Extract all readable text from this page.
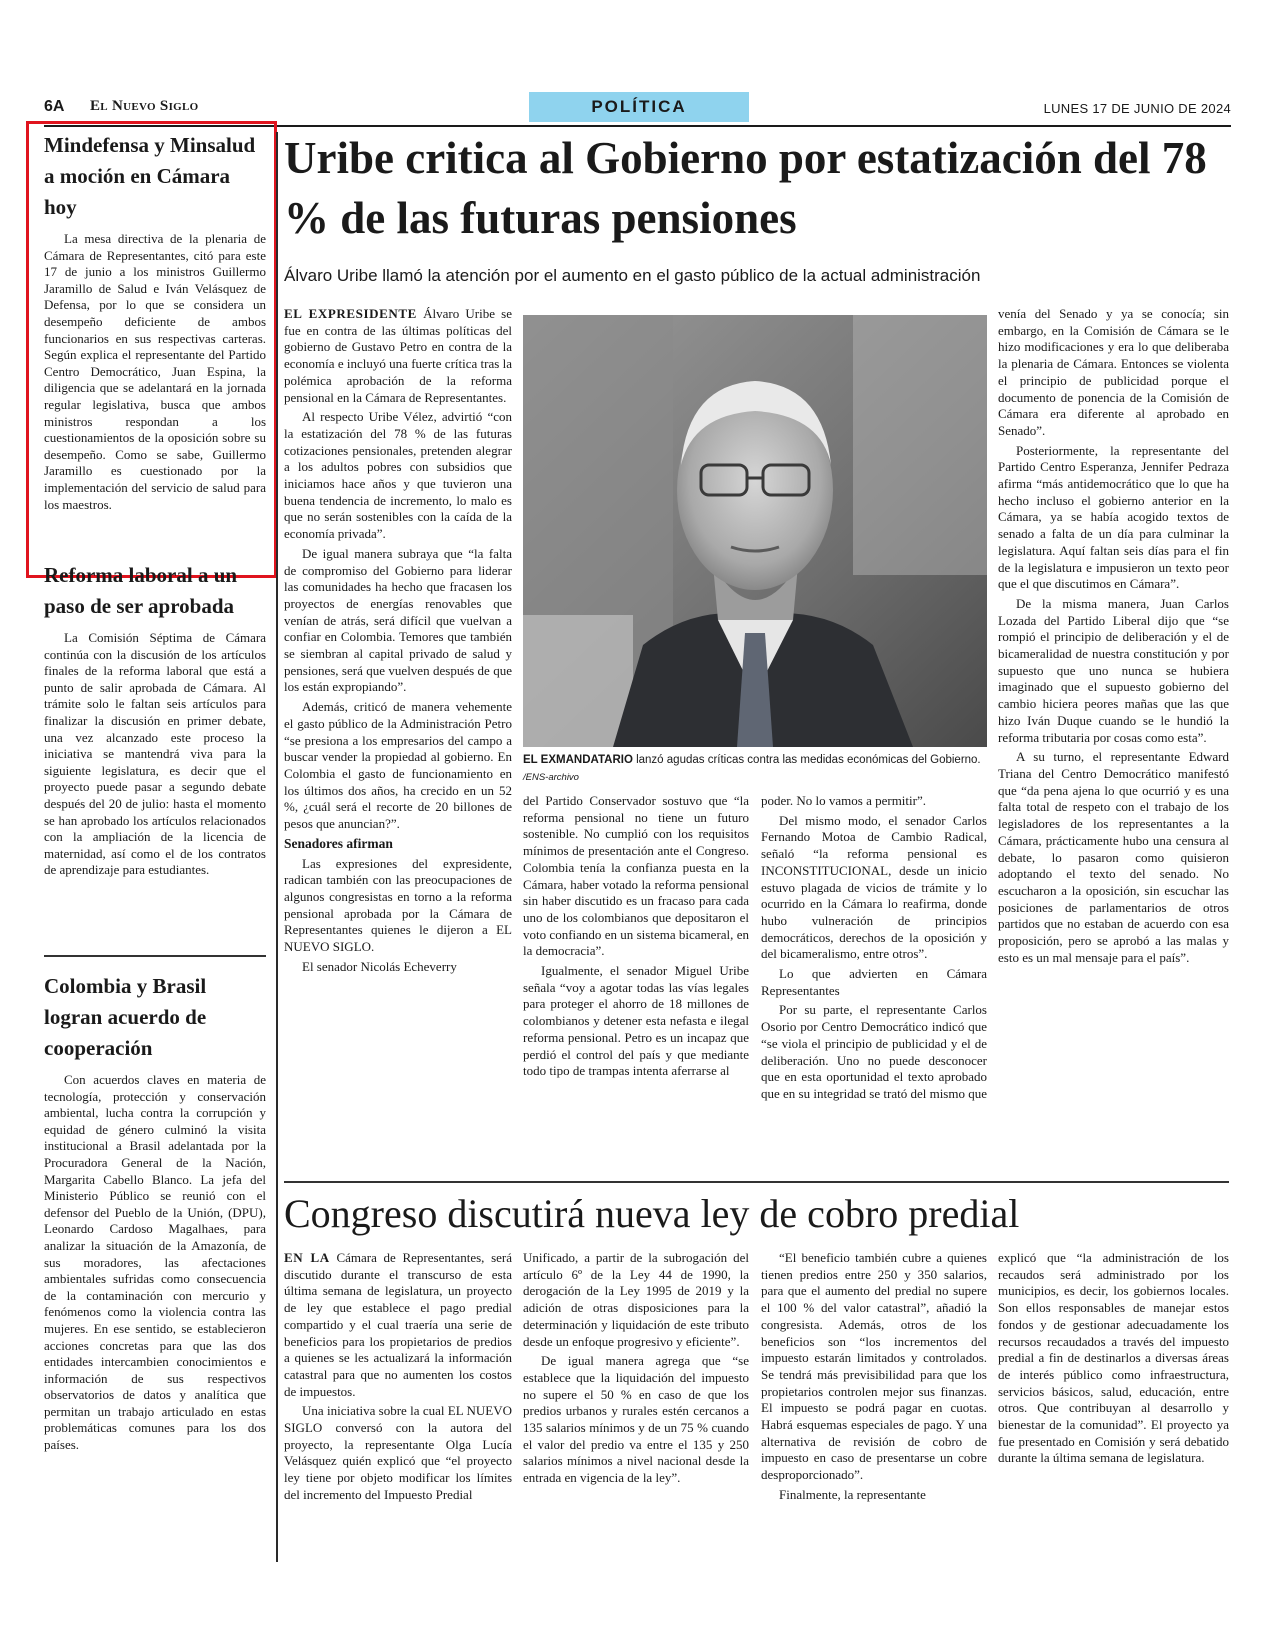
6A El Nuevo Siglo	POLÍTICA	LUNES 17 DE JUNIO DE 2024
Mindefensa y Minsalud a moción en Cámara hoy

La mesa directiva de la plenaria de Cámara de Representantes, citó para este 17 de junio a los ministros Guillermo Jaramillo de Salud e Iván Velásquez de Defensa, por lo que se considera un desempeño deficiente de ambos funcionarios en sus respectivas carteras. Según explica el representante del Partido Centro Democrático, Juan Espina, la diligencia que se adelantará en la jornada regular legislativa, busca que ambos ministros respondan a los cuestionamientos de la oposición sobre su desempeño. Como se sabe, Guillermo Jaramillo es cuestionado por la implementación del servicio de salud para los maestros.

Reforma laboral a un paso de ser aprobada

La Comisión Séptima de Cámara continúa con la discusión de los artículos finales de la reforma laboral que está a punto de salir aprobada de Cámara. Al trámite solo le faltan seis artículos para finalizar la discusión en primer debate, una vez alcanzado este proceso la iniciativa se mantendrá viva para la siguiente legislatura, es decir que el proyecto puede pasar a segundo debate después del 20 de julio: hasta el momento se han aprobado los artículos relacionados con la ampliación de la licencia de maternidad, así como el de los contratos de aprendizaje para estudiantes.

Colombia y Brasil logran acuerdo de cooperación

Con acuerdos claves en materia de tecnología, protección y conservación ambiental, lucha contra la corrupción y equidad de género culminó la visita institucional a Brasil adelantada por la Procuradora General de la Nación, Margarita Cabello Blanco. La jefa del Ministerio Público se reunió con el defensor del Pueblo de la Unión, (DPU), Leonardo Cardoso Magalhaes, para analizar la situación de la Amazonía, de sus moradores, las afectaciones ambientales sufridas como consecuencia de la contaminación con mercurio y fenómenos como la violencia contra las mujeres. En ese sentido, se establecieron acciones concretas para que las dos entidades intercambien conocimientos e información de sus respectivos observatorios de datos y analítica que permitan un trabajo articulado en estas problemáticas comunes para los dos países.

Uribe critica al Gobierno por estatización del 78 % de las futuras pensiones
Álvaro Uribe llamó la atención por el aumento en el gasto público de la actual administración

EL EXPRESIDENTE Álvaro Uribe se fue en contra de las últimas políticas del gobierno de Gustavo Petro en contra de la economía e incluyó una fuerte crítica tras la polémica aprobación de la reforma pensional en la Cámara de Representantes.

Al respecto Uribe Vélez, advirtió “con la estatización del 78 % de las futuras cotizaciones pensionales, pretenden alegrar a los adultos pobres con subsidios que iniciamos hace años y que tuvieron una buena tendencia de incremento, lo malo es que no serán sostenibles con la caída de la economía privada”.

De igual manera subraya que “la falta de compromiso del Gobierno para liderar las comunidades ha hecho que fracasen los proyectos de energías renovables que venían de atrás, será difícil que vuelvan a confiar en Colombia. Temores que también se siembran al capital privado de salud y pensiones, será que vuelven después de que los están expropiando”.

Además, criticó de manera vehemente el gasto público de la Administración Petro “se presiona a los empresarios del campo a buscar vender la propiedad al gobierno. En Colombia el gasto de funcionamiento en los últimos dos años, ha crecido en un 52 %, ¿cuál será el recorte de 20 billones de pesos que anuncian?”.

Senadores afirman

Las expresiones del expresidente, radican también con las preocupaciones de algunos congresistas en torno a la reforma pensional aprobada por la Cámara de Representantes quienes le dijeron a EL NUEVO SIGLO.

El senador Nicolás Echeverry

EL EXMANDATARIO lanzó agudas críticas contra las medidas económicas del Gobierno. /ENS-archivo

del Partido Conservador sostuvo que “la reforma pensional no tiene un futuro sostenible. No cumplió con los requisitos mínimos de presentación ante el Congreso. Colombia tenía la confianza puesta en la Cámara, haber votado la reforma pensional sin haber discutido es un fracaso para cada uno de los colombianos que depositaron el voto confiando en un sistema bicameral, en la democracia”.

Igualmente, el senador Miguel Uribe señala “voy a agotar todas las vías legales para proteger el ahorro de 18 millones de colombianos y detener esta nefasta e ilegal reforma pensional. Petro es un incapaz que perdió el control del país y que mediante todo tipo de trampas intenta aferrarse al

poder. No lo vamos a permitir”.

Del mismo modo, el senador Carlos Fernando Motoa de Cambio Radical, señaló “la reforma pensional es INCONSTITUCIONAL, desde un inicio estuvo plagada de vicios de trámite y lo ocurrido en la Cámara lo reafirma, donde hubo vulneración de principios democráticos, derechos de la oposición y del bicameralismo, entre otros”.

Lo que advierten en Cámara Representantes

Por su parte, el representante Carlos Osorio por Centro Democrático indicó que “se viola el principio de publicidad y el de deliberación. Uno no puede desconocer que en esta oportunidad el texto aprobado que en su integridad se trató del mismo que

venía del Senado y ya se conocía; sin embargo, en la Comisión de Cámara se le hizo modificaciones y era lo que deliberaba la plenaria de Cámara. Entonces se violenta el principio de publicidad porque el documento de ponencia de la Comisión de Cámara era diferente al aprobado en Senado”.

Posteriormente, la representante del Partido Centro Esperanza, Jennifer Pedraza afirma “más antidemocrático que lo que ha hecho incluso el gobierno anterior en la Cámara, ya se había acogido textos de senado a falta de un día para culminar la legislatura. Aquí faltan seis días para el fin de la legislatura e impusieron un texto peor que el que discutimos en Cámara”.

De la misma manera, Juan Carlos Lozada del Partido Liberal dijo que “se rompió el principio de deliberación y el de bicameralidad de nuestra constitución y por supuesto que uno nunca se hubiera imaginado que el supuesto gobierno del cambio hiciera peores mañas que las que hizo Iván Duque cuando se le hundió la reforma tributaria por cosas como esta”.

A su turno, el representante Edward Triana del Centro Democrático manifestó que “da pena ajena lo que ocurrió y es una falta total de respeto con el trabajo de los legisladores de los representantes a la Cámara, prácticamente hubo una censura al debate, lo pasaron como quisieron adoptando el texto del senado. No escucharon a la oposición, sin escuchar las posiciones de parlamentarios de otros partidos que no estaban de acuerdo con esa proposición, pero se aprobó a las malas y esto es un mal mensaje para el país”.

Congreso discutirá nueva ley de cobro predial

EN LA Cámara de Representantes, será discutido durante el transcurso de esta última semana de legislatura, un proyecto de ley que establece el pago predial compartido y el cual traería una serie de beneficios para los propietarios de predios a quienes se les actualizará la información catastral para que no aumenten los costos de impuestos.

Una iniciativa sobre la cual EL NUEVO SIGLO conversó con la autora del proyecto, la representante Olga Lucía Velásquez quién explicó que “el proyecto ley tiene por objeto modificar los límites del incremento del Impuesto Predial

Unificado, a partir de la subrogación del artículo 6º de la Ley 44 de 1990, la derogación de la Ley 1995 de 2019 y la adición de otras disposiciones para la determinación y liquidación de este tributo desde un enfoque progresivo y eficiente”.

De igual manera agrega que “se establece que la liquidación del impuesto no supere el 50 % en caso de que los predios urbanos y rurales estén cercanos a 135 salarios mínimos y de un 75 % cuando el valor del predio va entre el 135 y 250 salarios mínimos a nivel nacional desde la entrada en vigencia de la ley”.

“El beneficio también cubre a quienes tienen predios entre 250 y 350 salarios, para que el aumento del predial no supere el 100 % del valor catastral”, añadió la congresista. Además, otros de los beneficios son “los incrementos del impuesto estarán limitados y controlados. Se tendrá más previsibilidad para que los propietarios controlen mejor sus finanzas. El impuesto se podrá pagar en cuotas. Habrá esquemas especiales de pago. Y una alternativa de revisión de cobro de impuesto en caso de presentarse un cobre desproporcionado”.

Finalmente, la representante

explicó que “la administración de los recaudos será administrado por los municipios, es decir, los gobiernos locales. Son ellos responsables de manejar estos fondos y de gestionar adecuadamente los recursos recaudados a través del impuesto predial a fin de destinarlos a diversas áreas de interés público como infraestructura, servicios básicos, salud, educación, entre otros. Que contribuyan al desarrollo y bienestar de la comunidad”. El proyecto ya fue presentado en Comisión y será debatido durante la última semana de legislatura.
